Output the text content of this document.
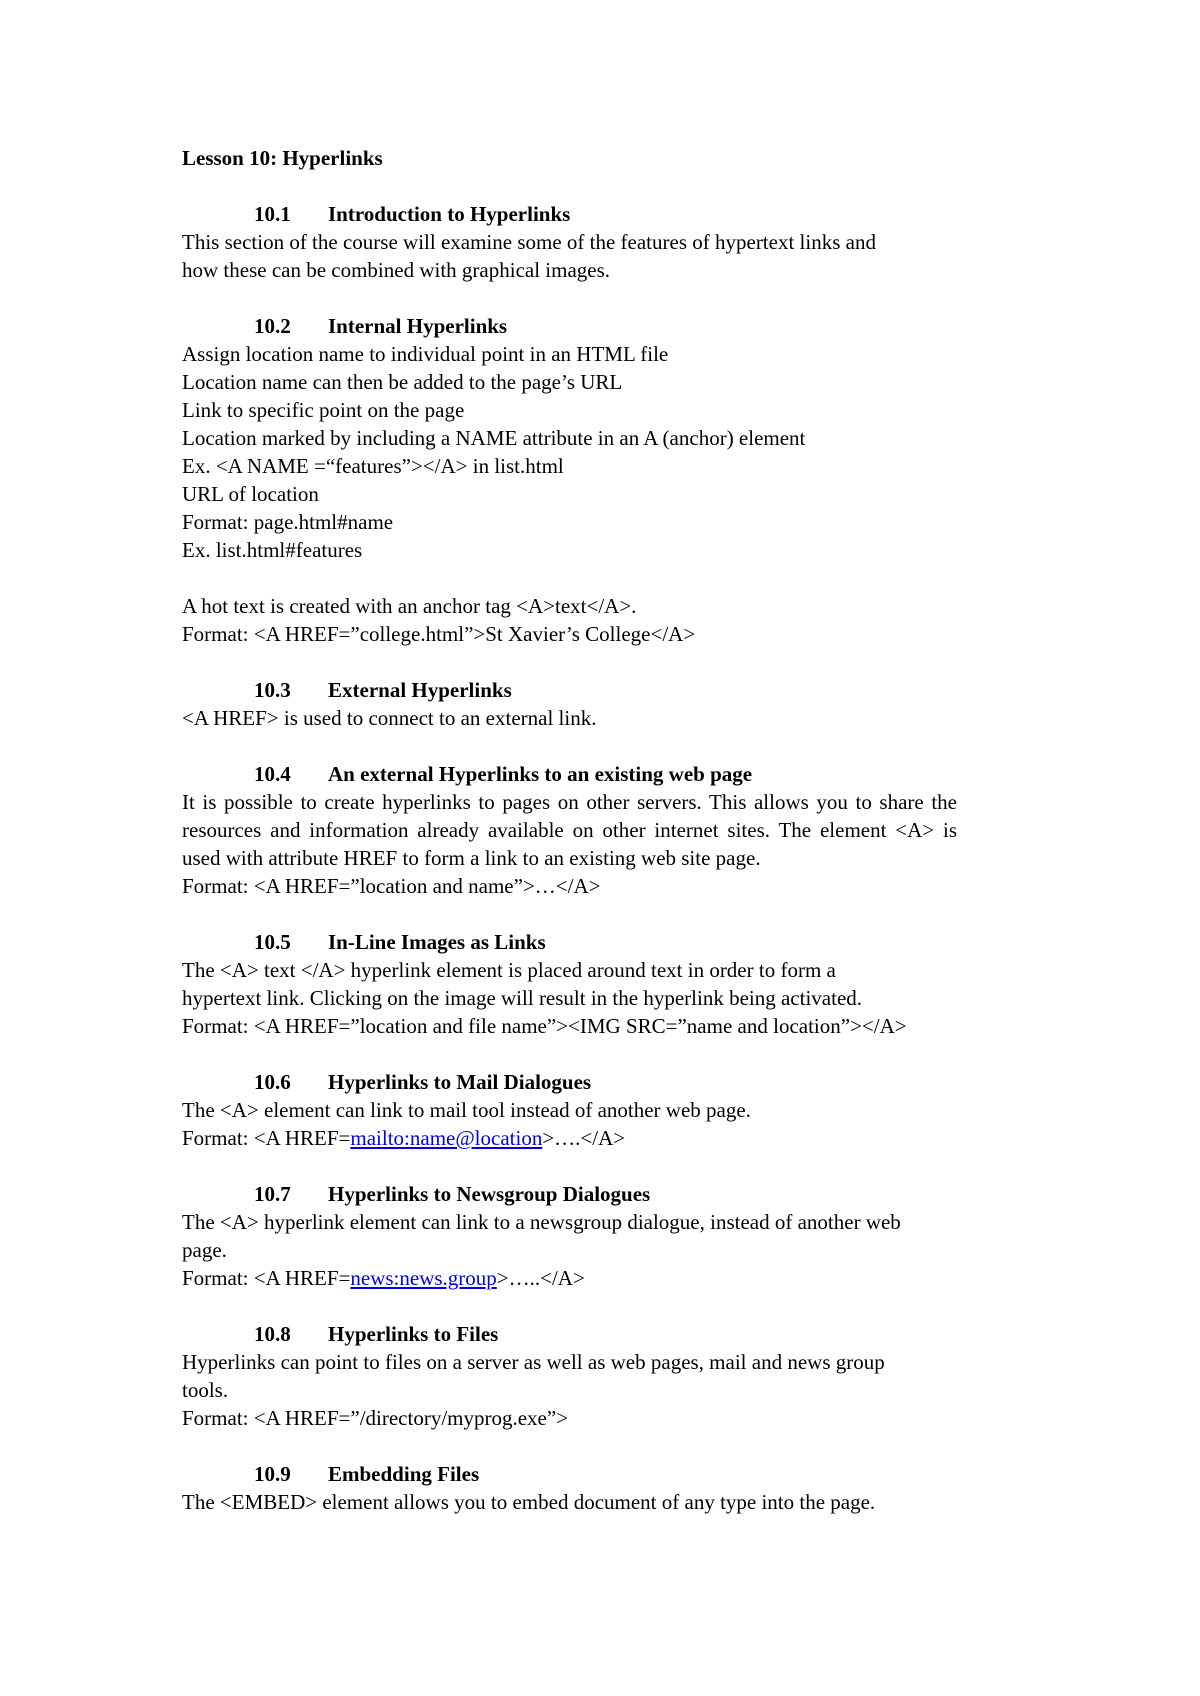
Lesson 10: Hyperlinks

10.1 Introduction to Hyperlinks

This section of the course will examine some of the features of hypertext links and

how these can be combined with graphical images.

10.2 Internal Hyperlinks

Assign location name to individual point in an HTML file

Location name can then be added to the page’s URL

Link to specific point on the page

Location marked by including a NAME attribute in an A (anchor) element

Ex. <A NAME =“features”></A> in list.html

URL of location

Format: page.html#name

Ex. list.html#features

A hot text is created with an anchor tag <A>text</A>.

Format: <A HREF=”college.html”>St Xavier’s College</A>

10.3 External Hyperlinks

<A HREF> is used to connect to an external link.

10.4 An external Hyperlinks to an existing web page

It is possible to create hyperlinks to pages on other servers. This allows you to share the resources and information already available on other internet sites. The element <A> is used with attribute HREF to form a link to an existing web site page.

Format: <A HREF=”location and name”>…</A>

10.5 In-Line Images as Links

The <A> text </A> hyperlink element is placed around text in order to form a

hypertext link. Clicking on the image will result in the hyperlink being activated.

Format: <A HREF=”location and file name”><IMG SRC=”name and location”></A>

10.6 Hyperlinks to Mail Dialogues

The <A> element can link to mail tool instead of another web page.

Format: <A HREF=mailto:name@location>….</A>

10.7 Hyperlinks to Newsgroup Dialogues

The <A> hyperlink element can link to a newsgroup dialogue, instead of another web

page.

Format: <A HREF=news:news.group>…..</A>

10.8 Hyperlinks to Files

Hyperlinks can point to files on a server as well as web pages, mail and news group

tools.

Format: <A HREF=”/directory/myprog.exe”>

10.9 Embedding Files

The <EMBED> element allows you to embed document of any type into the page.
